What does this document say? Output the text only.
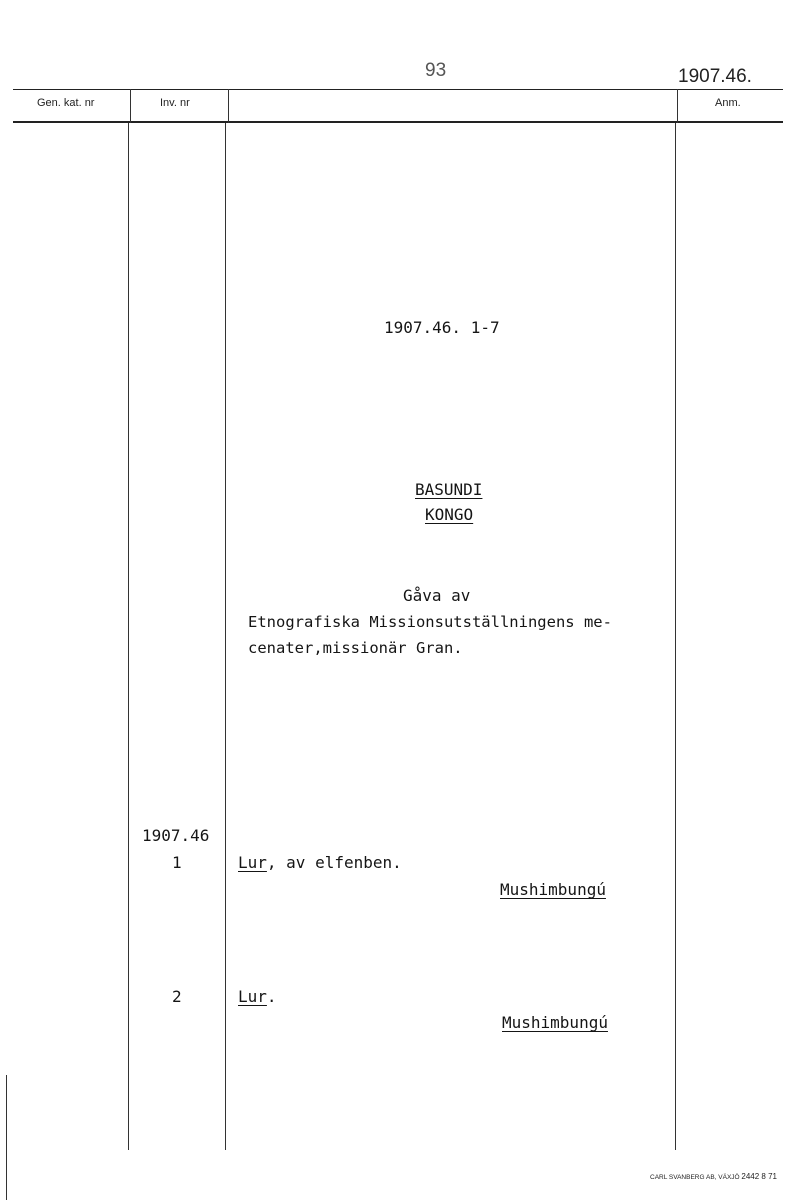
93	1907.46.
Gen. kat. nr	Inv. nr	Anm.
1907.46. 1-7
BASUNDI
KONGO
Gåva av
Etnografiska Missionsutställningens me-
cenater,missionär Gran.
1907.46
1	Lur, av elfenben.
Mushimbungú
2	Lur.
Mushimbungú
CARL SVANBERG AB, VÄXJÖ 2442 8 71
